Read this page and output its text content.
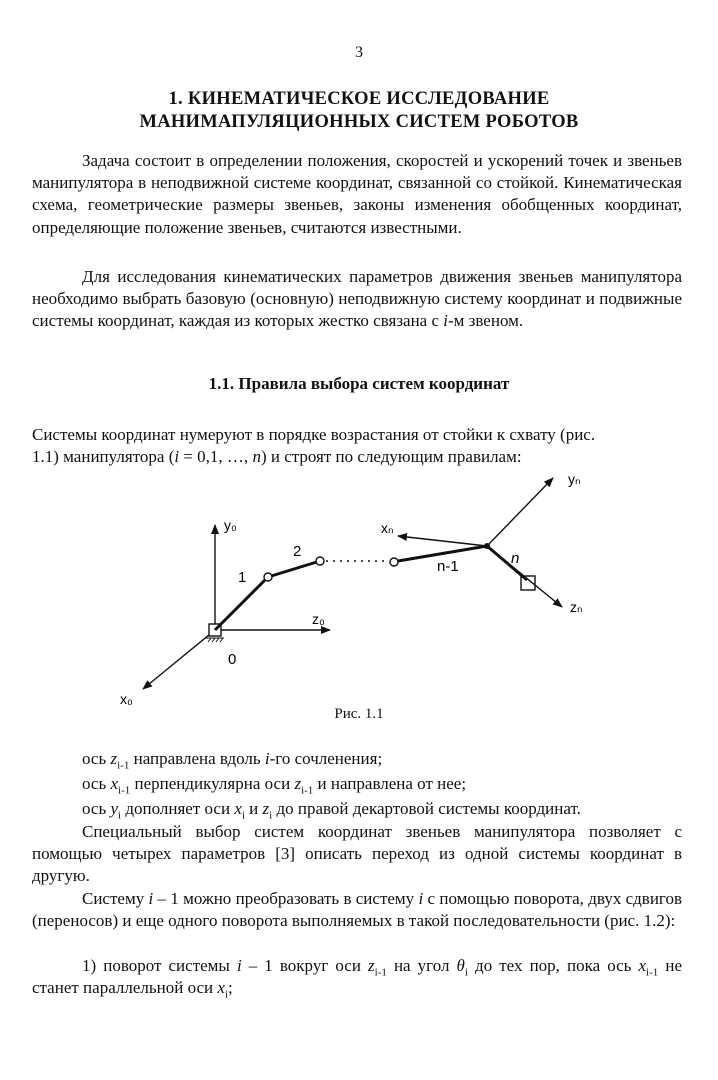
3
1. КИНЕМАТИЧЕСКОЕ ИССЛЕДОВАНИЕ
МАНИМАПУЛЯЦИОННЫХ СИСТЕМ РОБОТОВ

Задача состоит в определении положения, скоростей и ускорений точек и звеньев манипулятора в неподвижной системе координат, связанной со стойкой. Кинематическая схема, геометрические размеры звеньев, законы изменения обобщенных координат, определяющие положение звеньев, считаются известными.

Для исследования кинематических параметров движения звеньев манипулятора необходимо выбрать базовую (основную) неподвижную систему координат и подвижные системы координат, каждая из которых жестко связана с i-м звеном.

1.1. Правила выбора систем координат
Системы координат нумеруют в порядке возрастания от стойки к схвату (рис.
1.1) манипулятора (i = 0,1, …, n) и строят по следующим правилам:
y₀
z₀
x₀
0
1
2
n-1	n
yₙ
xₙ
zₙ
Рис. 1.1
ось $z_{i-1}$ направлена вдоль i-го сочленения;
ось $x_{i-1}$ перпендикулярна оси $z_{i-1}$ и направлена от нее;
ось $y_i$ дополняет оси $x_i$ и $z_i$ до правой декартовой системы координат.

Специальный выбор систем координат звеньев манипулятора позволяет с помощью четырех параметров [3] описать переход из одной системы координат в другую.

Систему i – 1 можно преобразовать в систему i с помощью поворота, двух сдвигов (переносов) и еще одного поворота выполняемых в такой последовательности (рис. 1.2):

1) поворот системы i – 1 вокруг оси $z_{i-1}$ на угол $\theta_i$ до тех пор, пока ось $x_{i-1}$ не станет параллельной оси $x_i$;
